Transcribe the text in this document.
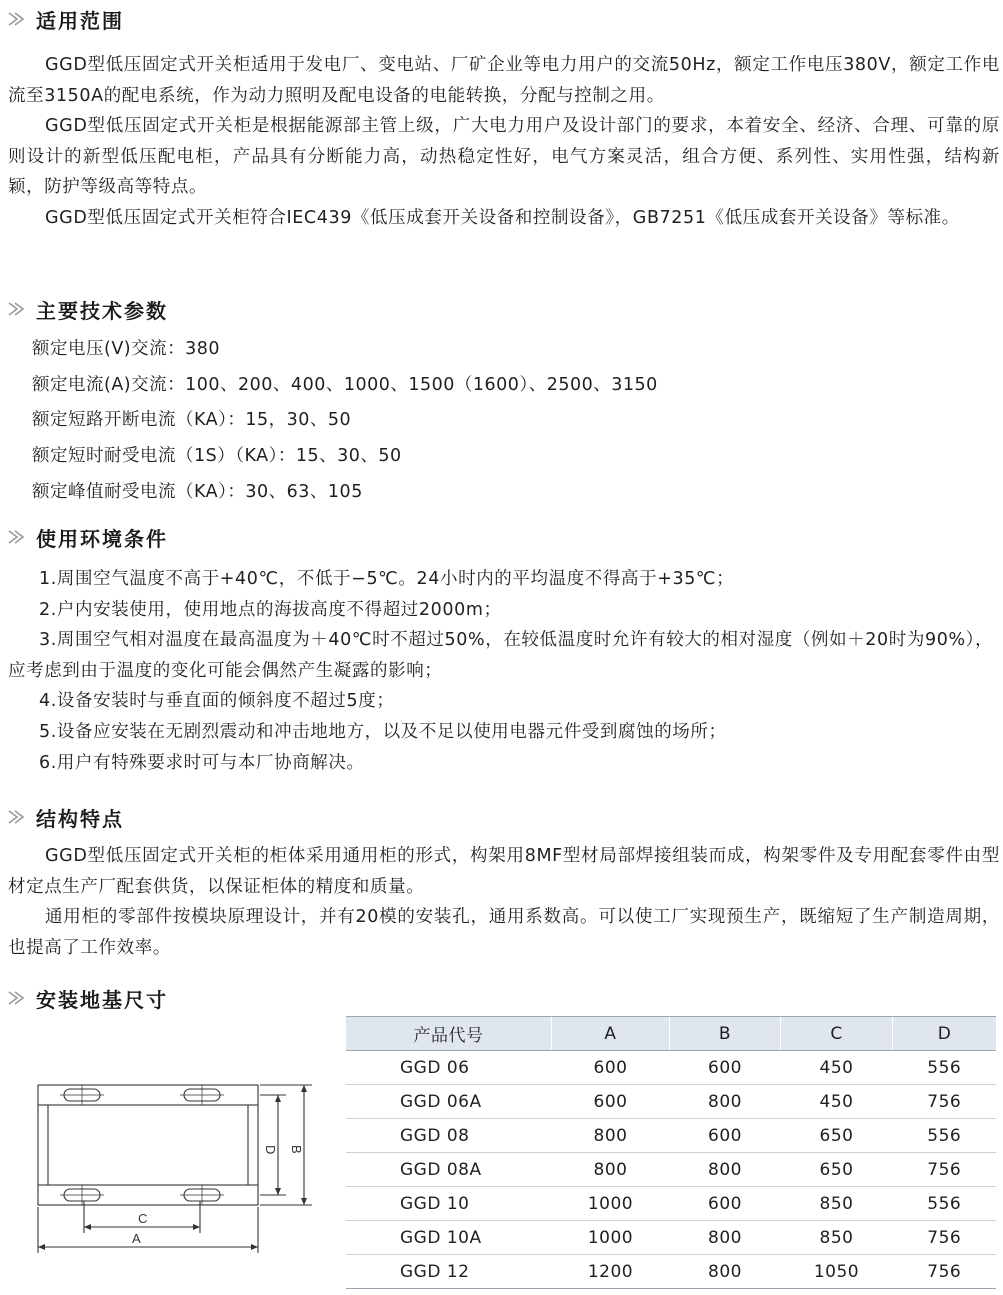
适用范围

GGD型低压固定式开关柜适用于发电厂、变电站、厂矿企业等电力用户的交流50Hz，额定工作电压380V，额定工作电流至3150A的配电系统，作为动力照明及配电设备的电能转换，分配与控制之用。

GGD型低压固定式开关柜是根据能源部主管上级，广大电力用户及设计部门的要求，本着安全、经济、合理、可靠的原则设计的新型低压配电柜，产品具有分断能力高，动热稳定性好，电气方案灵活，组合方便、系列性、实用性强，结构新颖，防护等级高等特点。

GGD型低压固定式开关柜符合IEC439《低压成套开关设备和控制设备》，GB7251《低压成套开关设备》等标准。

主要技术参数

额定电压(V)交流：380

额定电流(A)交流：100、200、400、1000、1500（1600）、2500、3150

额定短路开断电流（KA）：15，30、50

额定短时耐受电流（1S）（KA）：15、30、50

额定峰值耐受电流（KA）：30、63、105

使用环境条件

1.周围空气温度不高于+40℃，不低于−5℃。24小时内的平均温度不得高于+35℃；

2.户内安装使用，使用地点的海拔高度不得超过2000m；

3.周围空气相对温度在最高温度为＋40℃时不超过50%，在较低温度时允许有较大的相对湿度（例如＋20时为90%），应考虑到由于温度的变化可能会偶然产生凝露的影响；

4.设备安装时与垂直面的倾斜度不超过5度；

5.设备应安装在无剧烈震动和冲击地地方，以及不足以使用电器元件受到腐蚀的场所；

6.用户有特殊要求时可与本厂协商解决。

结构特点

GGD型低压固定式开关柜的柜体采用通用柜的形式，构架用8MF型材局部焊接组装而成，构架零件及专用配套零件由型材定点生产厂配套供货，以保证柜体的精度和质量。

通用柜的零部件按模块原理设计，并有20模的安装孔，通用系数高。可以使工厂实现预生产，既缩短了生产制造周期，也提高了工作效率。

安装地基尺寸
D B
C
A
产品代号	A	B	C	D
GGD 06	600	600	450	556
GGD 06A	600	800	450	756
GGD 08	800	600	650	556
GGD 08A	800	800	650	756
GGD 10	1000	600	850	556
GGD 10A	1000	800	850	756
GGD 12	1200	800	1050	756
